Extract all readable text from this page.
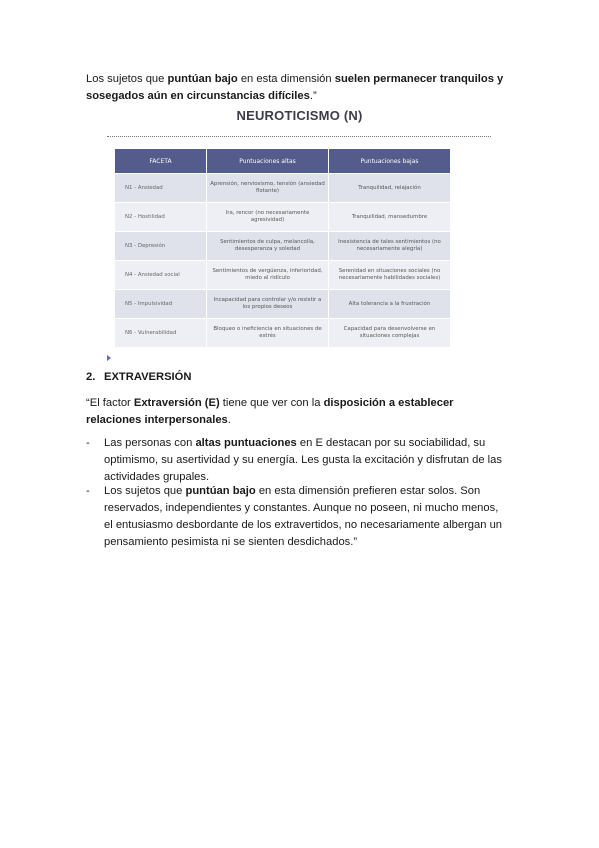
Los sujetos que puntúan bajo en esta dimensión suelen permanecer tranquilos y sosegados aún en circunstancias difíciles.”
NEUROTICISMO (N)
FACETA	Puntuaciones altas	Puntuaciones bajas
N1 - Ansiedad	Aprensión, nerviosismo, tensión (ansiedad flotante)	Tranquilidad, relajación
N2 - Hostilidad	Ira, rencor (no necesariamente agresividad)	Tranquilidad, mansedumbre
N3 - Depresión	Sentimientos de culpa, melancolía, desesperanza y soledad	Inexistencia de tales sentimientos (no necesariamente alegría)
N4 - Ansiedad social	Sentimientos de vergüenza, inferioridad, miedo al ridículo	Serenidad en situaciones sociales (no necesariamente habilidades sociales)
N5 - Impulsividad	Incapacidad para controlar y/o resistir a los propios deseos	Alta tolerancia a la frustración
N6 - Vulnerabilidad	Bloqueo o ineficiencia en situaciones de estrés	Capacidad para desenvolverse en situaciones complejas
2. EXTRAVERSIÓN
“El factor Extraversión (E) tiene que ver con la disposición a establecer relaciones interpersonales.
- Las personas con altas puntuaciones en E destacan por su sociabilidad, su optimismo, su asertividad y su energía. Les gusta la excitación y disfrutan de las actividades grupales.
- Los sujetos que puntúan bajo en esta dimensión prefieren estar solos. Son reservados, independientes y constantes. Aunque no poseen, ni mucho menos, el entusiasmo desbordante de los extravertidos, no necesariamente albergan un pensamiento pesimista ni se sienten desdichados.”
